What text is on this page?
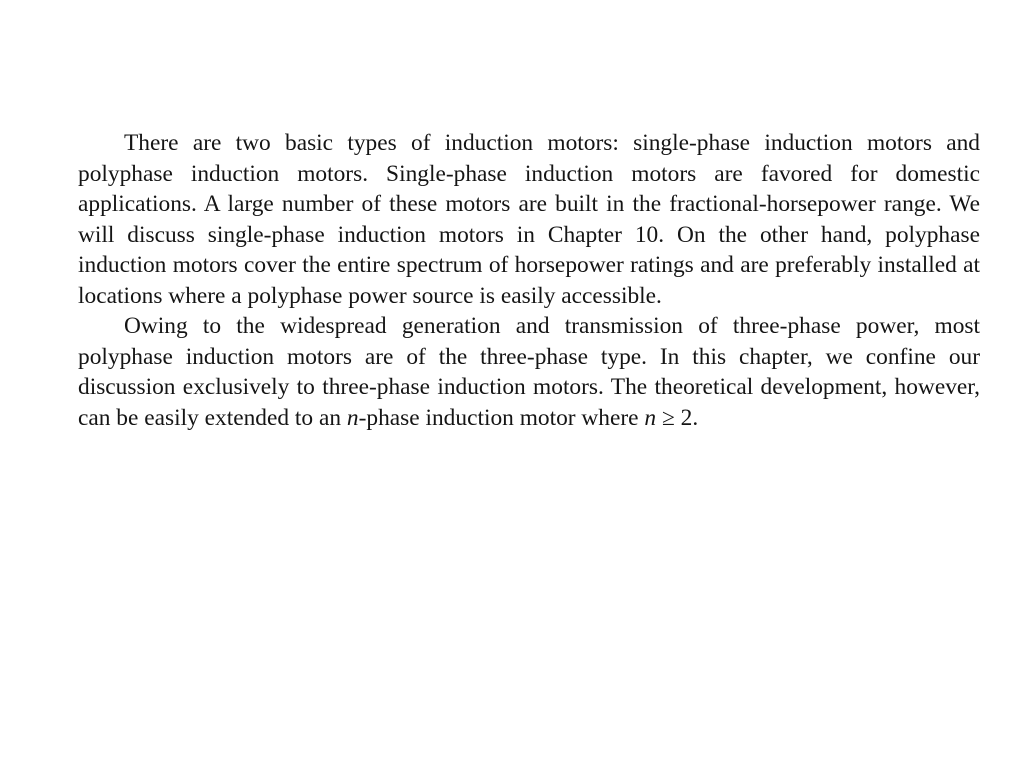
There are two basic types of induction motors: single-phase induction motors and polyphase induction motors. Single-phase induction motors are favored for domestic applications. A large number of these motors are built in the fractional-horsepower range. We will discuss single-phase induction motors in Chapter 10. On the other hand, polyphase induction motors cover the entire spectrum of horsepower ratings and are preferably installed at locations where a polyphase power source is easily accessible.

Owing to the widespread generation and transmission of three-phase power, most polyphase induction motors are of the three-phase type. In this chapter, we confine our discussion exclusively to three-phase induction motors. The theoretical development, however, can be easily extended to an n-phase induction motor where n ≥ 2.
